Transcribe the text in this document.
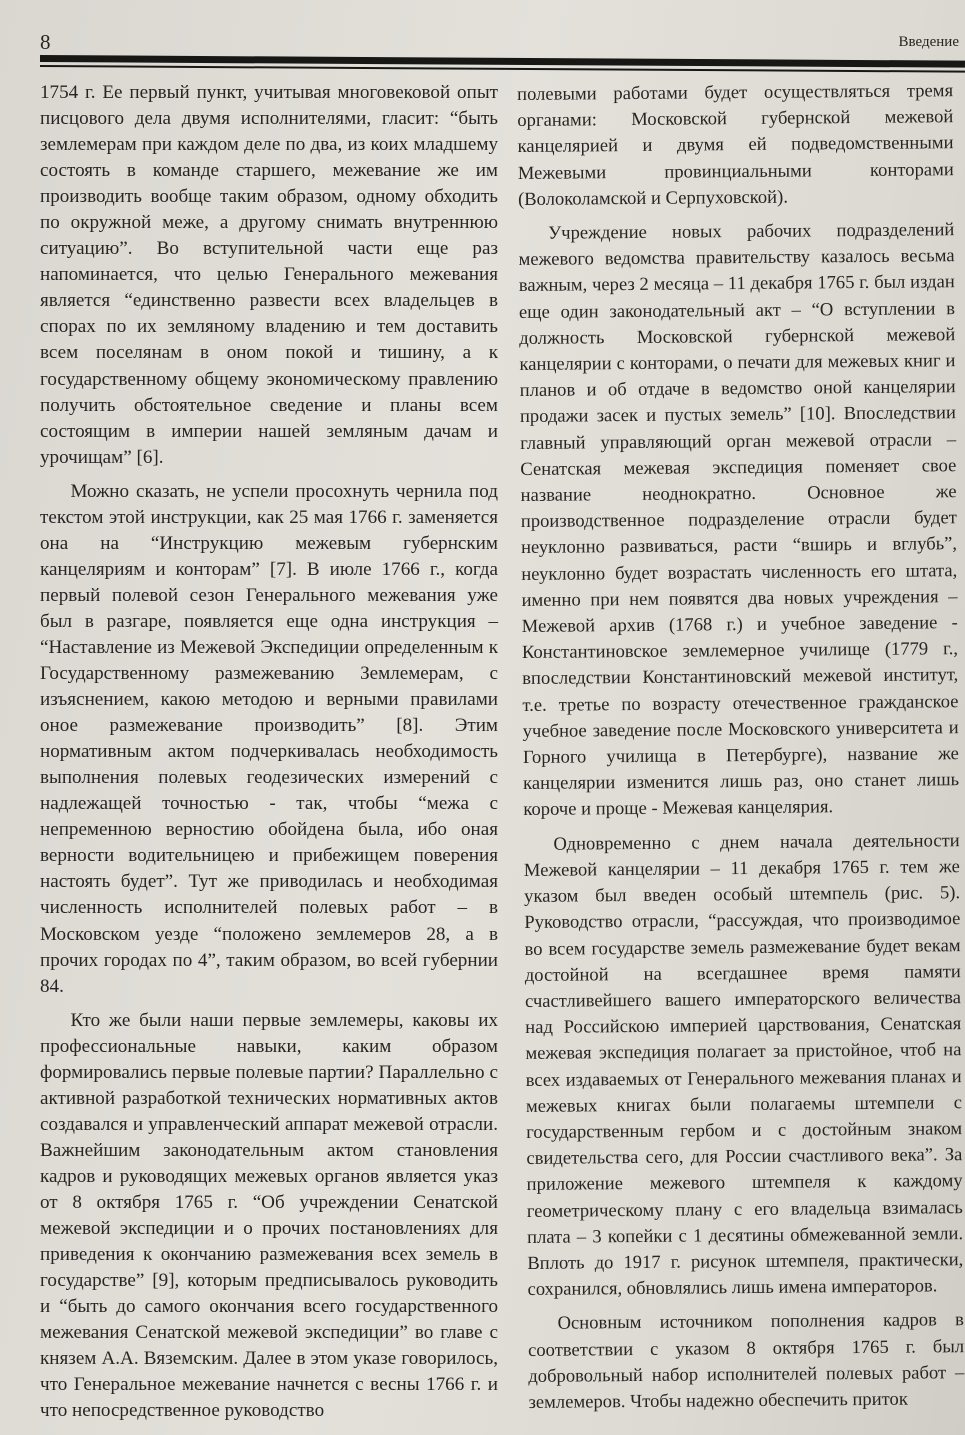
8	Введение

1754 г. Ее первый пункт, учитывая многовековой опыт писцового дела двумя исполнителями, гласит: “быть землемерам при каждом деле по два, из коих младшему состоять в команде старшего, межевание же им производить вообще таким образом, одному обходить по окружной меже, а другому снимать внутреннюю ситуацию”. Во вступительной части еще раз напоминается, что целью Генерального межевания является “единственно развести всех владельцев в спорах по их земляному владению и тем доставить всем поселянам в оном покой и тишину, а к государственному общему экономическому правлению получить обстоятельное сведение и планы всем состоящим в империи нашей земляным дачам и урочищам” [6].

Можно сказать, не успели просохнуть чернила под текстом этой инструкции, как 25 мая 1766 г. заменяется она на “Инструкцию межевым губернским канцеляриям и конторам” [7]. В июле 1766 г., когда первый полевой сезон Генерального межевания уже был в разгаре, появляется еще одна инструкция – “Наставление из Межевой Экспедиции определенным к Государственному размежеванию Землемерам, с изъяснением, какою методою и верными правилами оное размежевание производить” [8]. Этим нормативным актом подчеркивалась необходимость выполнения полевых геодезических измерений с надлежащей точностью - так, чтобы “межа с непременною верностию обойдена была, ибо оная верности водительницею и прибежищем поверения настоять будет”. Тут же приводилась и необходимая численность исполнителей полевых работ – в Московском уезде “положено землемеров 28, а в прочих городах по 4”, таким образом, во всей губернии 84.

Кто же были наши первые землемеры, каковы их профессиональные навыки, каким образом формировались первые полевые партии? Параллельно с активной разработкой технических нормативных актов создавался и управленческий аппарат межевой отрасли. Важнейшим законодательным актом становления кадров и руководящих межевых органов является указ от 8 октября 1765 г. “Об учреждении Сенатской межевой экспедиции и о прочих постановлениях для приведения к окончанию размежевания всех земель в государстве” [9], которым предписывалось руководить и “быть до самого окончания всего государственного межевания Сенатской межевой экспедиции” во главе с князем А.А. Вяземским. Далее в этом указе говорилось, что Генеральное межевание начнется с весны 1766 г. и что непосредственное руководство

полевыми работами будет осуществляться тремя органами: Московской губернской межевой канцелярией и двумя ей подведомственными Межевыми провинциальными конторами (Волоколамской и Серпуховской).

Учреждение новых рабочих подразделений межевого ведомства правительству казалось весьма важным, через 2 месяца – 11 декабря 1765 г. был издан еще один законодательный акт – “О вступлении в должность Московской губернской межевой канцелярии с конторами, о печати для межевых книг и планов и об отдаче в ведомство оной канцелярии продажи засек и пустых земель” [10]. Впоследствии главный управляющий орган межевой отрасли – Сенатская межевая экспедиция поменяет свое название неоднократно. Основное же производственное подразделение отрасли будет неуклонно развиваться, расти “вширь и вглубь”, неуклонно будет возрастать численность его штата, именно при нем появятся два новых учреждения – Межевой архив (1768 г.) и учебное заведение - Константиновское землемерное училище (1779 г., впоследствии Константиновский межевой институт, т.е. третье по возрасту отечественное гражданское учебное заведение после Московского университета и Горного училища в Петербурге), название же канцелярии изменится лишь раз, оно станет лишь короче и проще - Межевая канцелярия.

Одновременно с днем начала деятельности Межевой канцелярии – 11 декабря 1765 г. тем же указом был введен особый штемпель (рис. 5). Руководство отрасли, “рассуждая, что производимое во всем государстве земель размежевание будет векам достойной на всегдашнее время памяти счастливейшего вашего императорского величества над Российскою империей царствования, Сенатская межевая экспедиция полагает за пристойное, чтоб на всех издаваемых от Генерального межевания планах и межевых книгах были полагаемы штемпели с государственным гербом и с достойным знаком свидетельства сего, для России счастливого века”. За приложение межевого штемпеля к каждому геометрическому плану с его владельца взималась плата – 3 копейки с 1 десятины обмежеванной земли. Вплоть до 1917 г. рисунок штемпеля, практически, сохранился, обновлялись лишь имена императоров.

Основным источником пополнения кадров в соответствии с указом 8 октября 1765 г. был добровольный набор исполнителей полевых работ – землемеров. Чтобы надежно обеспечить приток
